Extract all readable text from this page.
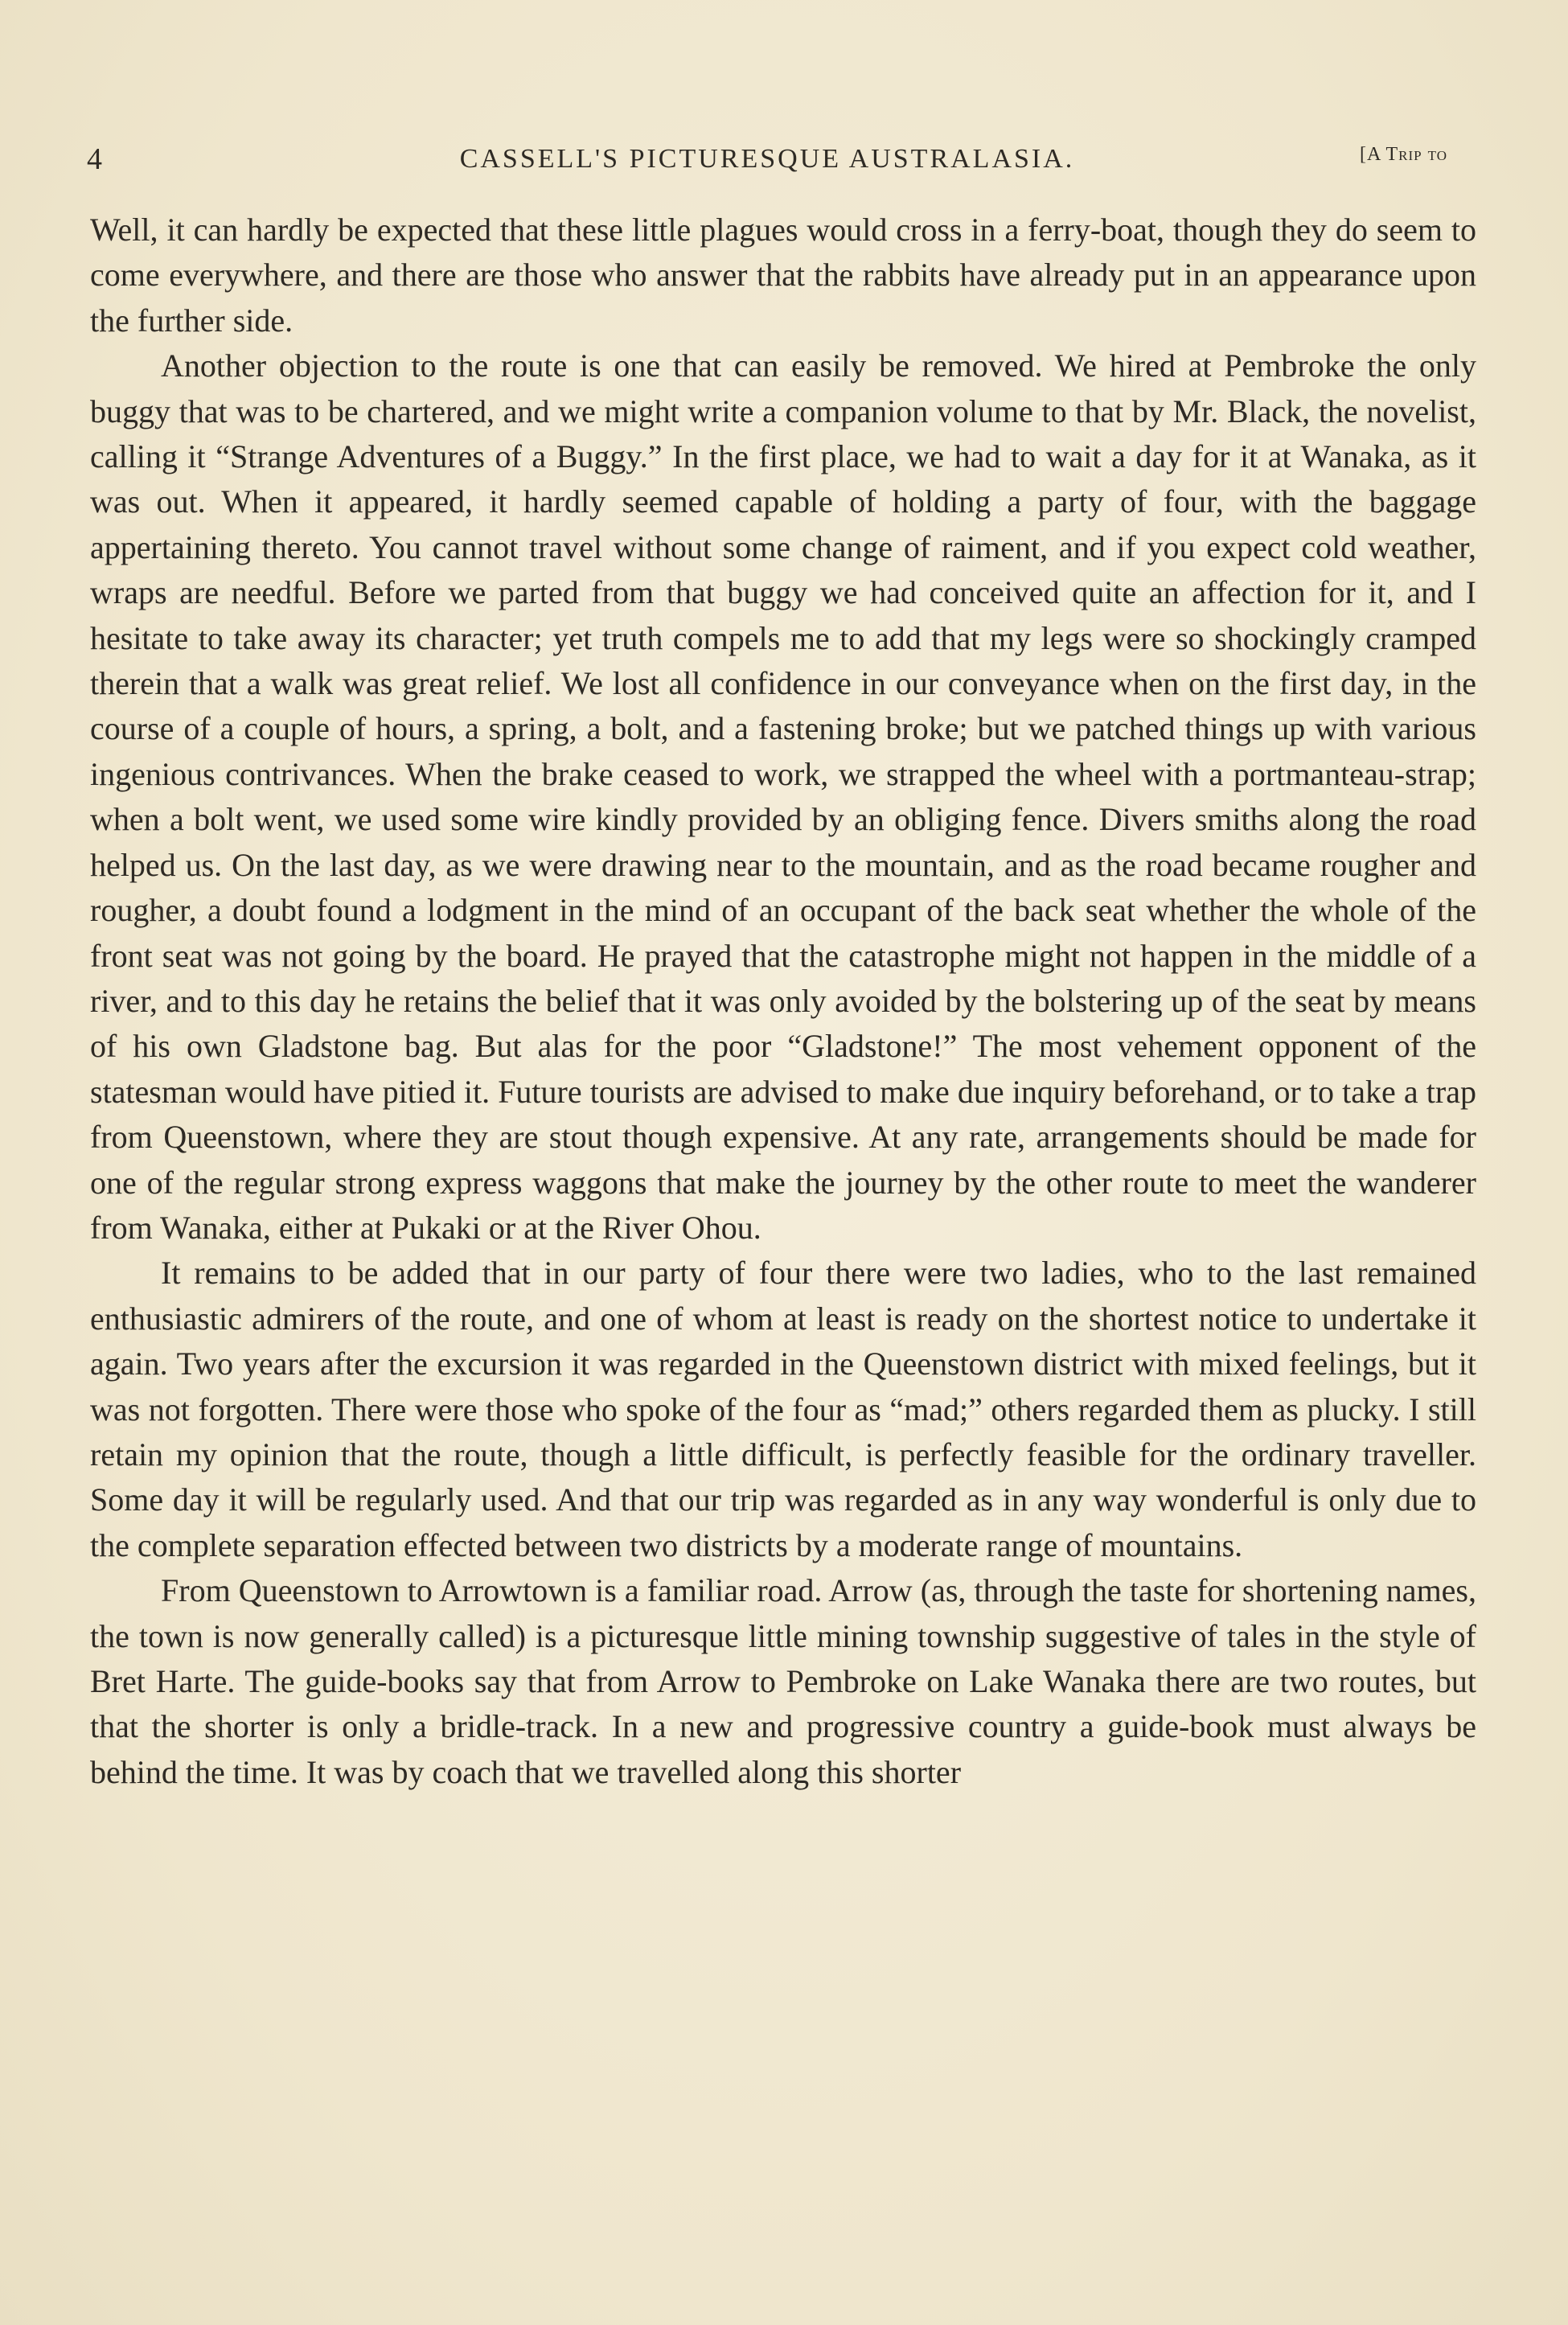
4	CASSELL'S PICTURESQUE AUSTRALASIA.	[A Trip to

Well, it can hardly be expected that these little plagues would cross in a ferry-boat, though they do seem to come everywhere, and there are those who answer that the rabbits have already put in an appearance upon the further side.

Another objection to the route is one that can easily be removed. We hired at Pembroke the only buggy that was to be chartered, and we might write a companion volume to that by Mr. Black, the novelist, calling it “Strange Adventures of a Buggy.” In the first place, we had to wait a day for it at Wanaka, as it was out. When it appeared, it hardly seemed capable of holding a party of four, with the baggage appertaining thereto. You cannot travel without some change of raiment, and if you expect cold weather, wraps are needful. Before we parted from that buggy we had conceived quite an affection for it, and I hesitate to take away its character; yet truth compels me to add that my legs were so shockingly cramped therein that a walk was great relief. We lost all confidence in our conveyance when on the first day, in the course of a couple of hours, a spring, a bolt, and a fastening broke; but we patched things up with various ingenious contrivances. When the brake ceased to work, we strapped the wheel with a portmanteau-strap; when a bolt went, we used some wire kindly provided by an obliging fence. Divers smiths along the road helped us. On the last day, as we were drawing near to the mountain, and as the road became rougher and rougher, a doubt found a lodgment in the mind of an occupant of the back seat whether the whole of the front seat was not going by the board. He prayed that the catastrophe might not happen in the middle of a river, and to this day he retains the belief that it was only avoided by the bolstering up of the seat by means of his own Gladstone bag. But alas for the poor “Gladstone!” The most vehement opponent of the statesman would have pitied it. Future tourists are advised to make due inquiry beforehand, or to take a trap from Queenstown, where they are stout though expensive. At any rate, arrangements should be made for one of the regular strong express waggons that make the journey by the other route to meet the wanderer from Wanaka, either at Pukaki or at the River Ohou.

It remains to be added that in our party of four there were two ladies, who to the last remained enthusiastic admirers of the route, and one of whom at least is ready on the shortest notice to undertake it again. Two years after the excursion it was regarded in the Queenstown district with mixed feelings, but it was not forgotten. There were those who spoke of the four as “mad;” others regarded them as plucky. I still retain my opinion that the route, though a little difficult, is perfectly feasible for the ordinary traveller. Some day it will be regularly used. And that our trip was regarded as in any way wonderful is only due to the complete separation effected between two districts by a moderate range of mountains.

From Queenstown to Arrowtown is a familiar road. Arrow (as, through the taste for shortening names, the town is now generally called) is a picturesque little mining township suggestive of tales in the style of Bret Harte. The guide-books say that from Arrow to Pembroke on Lake Wanaka there are two routes, but that the shorter is only a bridle-track. In a new and progressive country a guide-book must always be behind the time. It was by coach that we travelled along this shorter
